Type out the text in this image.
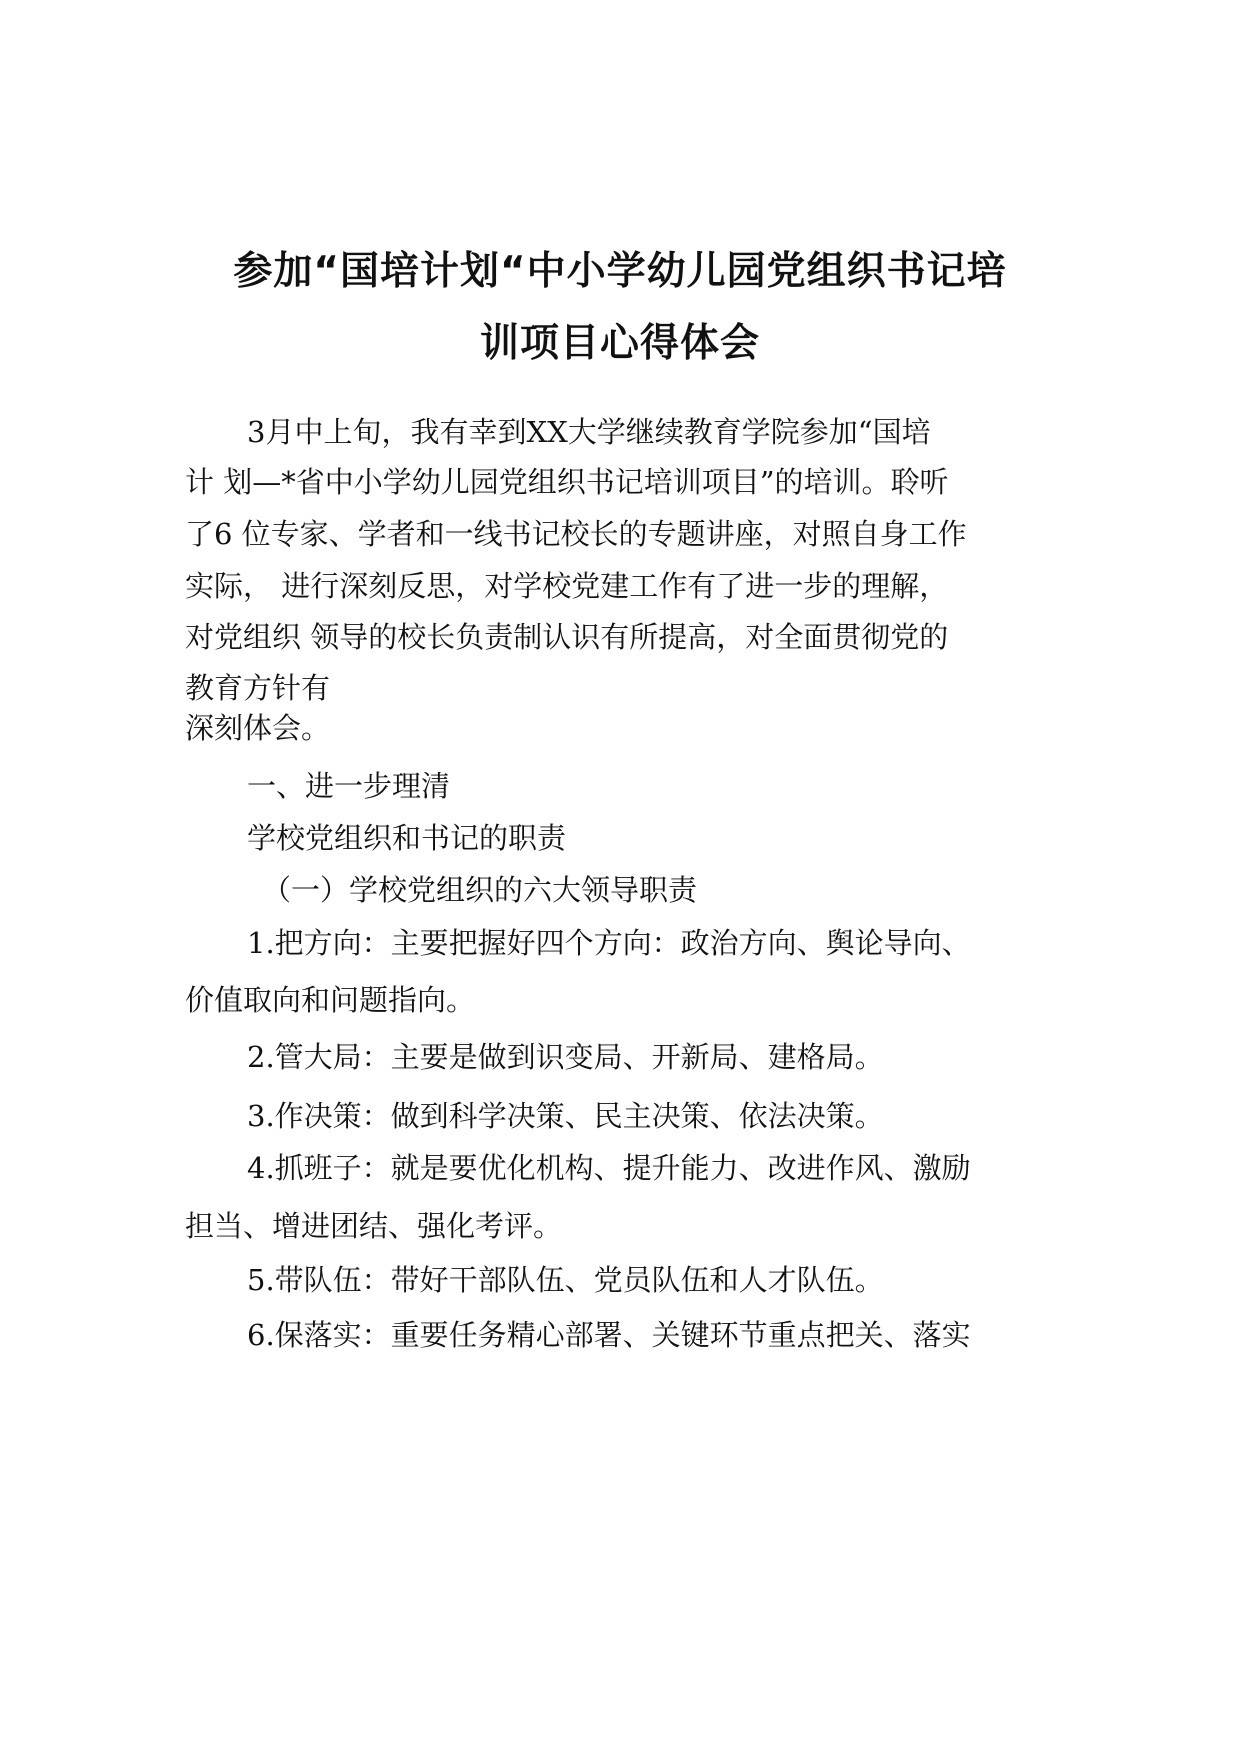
参加“国培计划“中小学幼儿园党组织书记培
训项目心得体会

3月中上旬，我有幸到XX大学继续教育学院参加“国培

计 划—*省中小学幼儿园党组织书记培训项目”的培训。聆听

了6 位专家、学者和一线书记校长的专题讲座，对照自身工作

实际， 进行深刻反思，对学校党建工作有了进一步的理解，

对党组织 领导的校长负责制认识有所提高，对全面贯彻党的

教育方针有

深刻体会。

一、进一步理清

学校党组织和书记的职责

（一）学校党组织的六大领导职责

1.把方向：主要把握好四个方向：政治方向、舆论导向、

价值取向和问题指向。

2.管大局：主要是做到识变局、开新局、建格局。

3.作决策：做到科学决策、民主决策、依法决策。

4.抓班子：就是要优化机构、提升能力、改进作风、激励

担当、增进团结、强化考评。

5.带队伍：带好干部队伍、党员队伍和人才队伍。

6.保落实：重要任务精心部署、关键环节重点把关、落实
